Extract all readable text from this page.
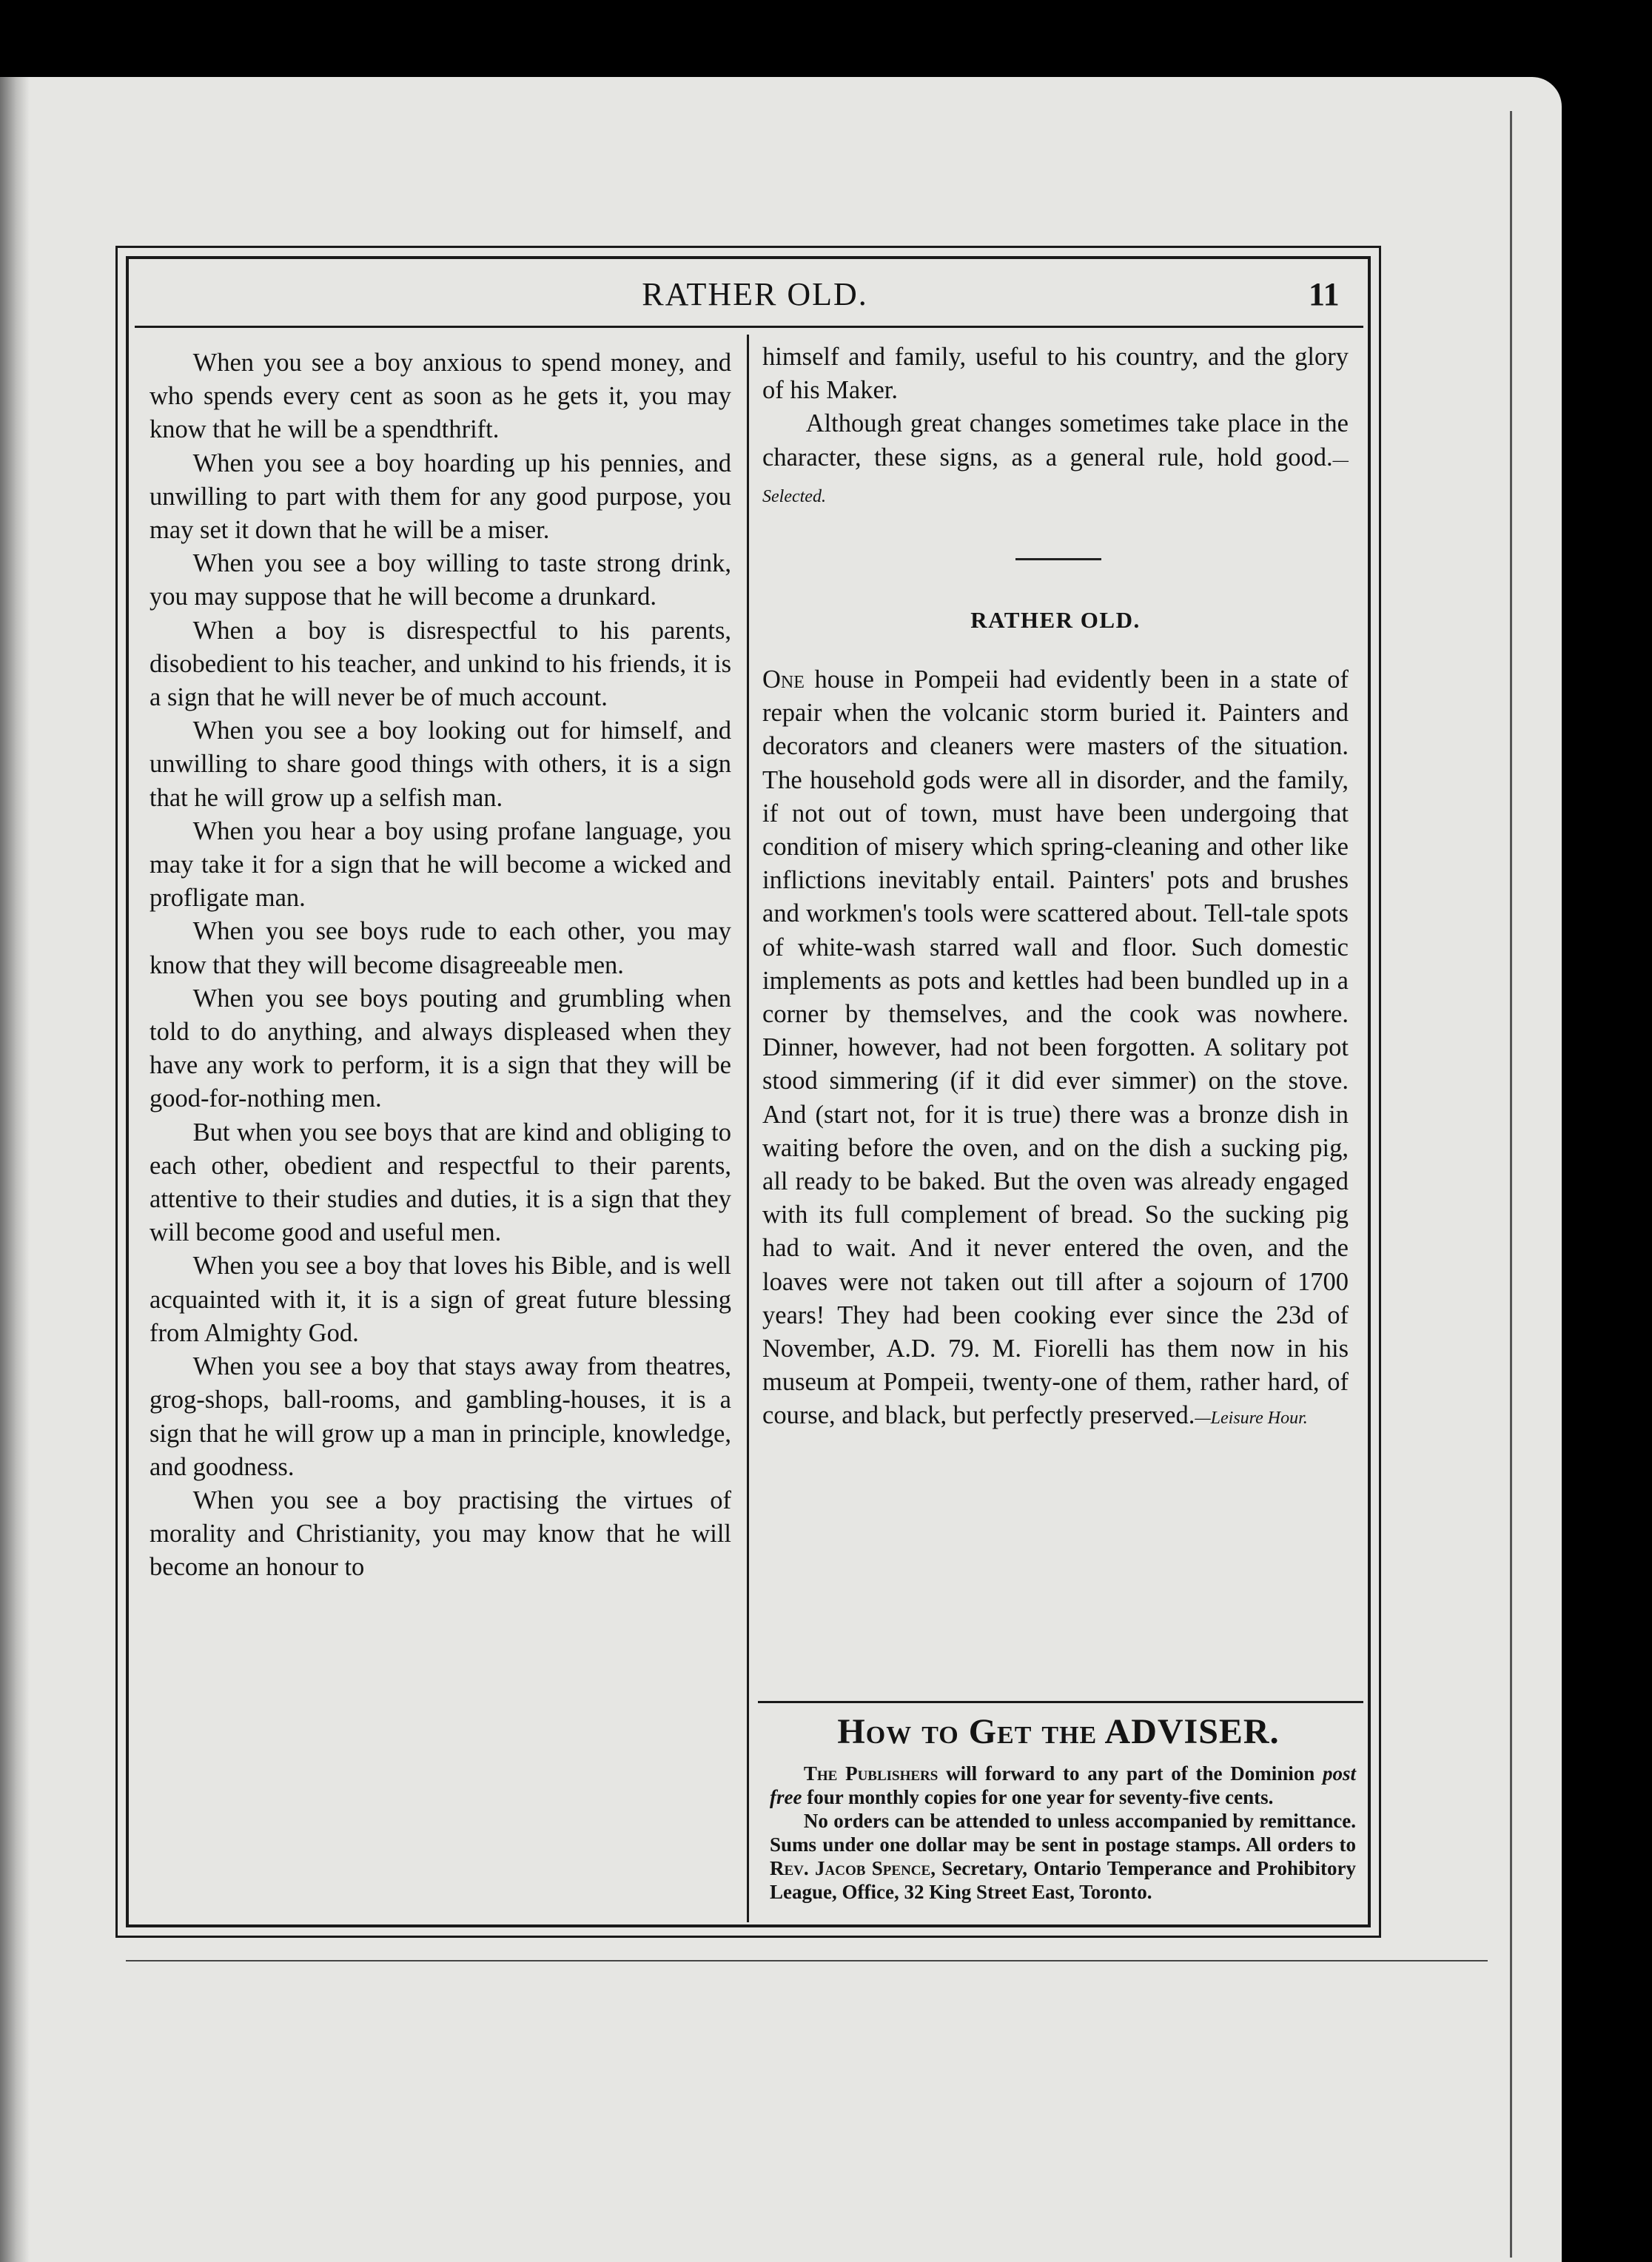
RATHER OLD.	11

When you see a boy anxious to spend money, and who spends every cent as soon as he gets it, you may know that he will be a spendthrift.

When you see a boy hoarding up his pennies, and unwilling to part with them for any good purpose, you may set it down that he will be a miser.

When you see a boy willing to taste strong drink, you may suppose that he will become a drunkard.

When a boy is disrespectful to his parents, disobedient to his teacher, and unkind to his friends, it is a sign that he will never be of much account.

When you see a boy looking out for himself, and unwilling to share good things with others, it is a sign that he will grow up a selfish man.

When you hear a boy using profane language, you may take it for a sign that he will become a wicked and profligate man.

When you see boys rude to each other, you may know that they will become disagreeable men.

When you see boys pouting and grumbling when told to do anything, and always displeased when they have any work to perform, it is a sign that they will be good-for-nothing men.

But when you see boys that are kind and obliging to each other, obedient and respectful to their parents, attentive to their studies and duties, it is a sign that they will become good and useful men.

When you see a boy that loves his Bible, and is well acquainted with it, it is a sign of great future blessing from Almighty God.

When you see a boy that stays away from theatres, grog-shops, ball-rooms, and gambling-houses, it is a sign that he will grow up a man in principle, knowledge, and goodness.

When you see a boy practising the virtues of morality and Christianity, you may know that he will become an honour to

himself and family, useful to his country, and the glory of his Maker.

Although great changes sometimes take place in the character, these signs, as a general rule, hold good.—Selected.

RATHER OLD.

One house in Pompeii had evidently been in a state of repair when the volcanic storm buried it. Painters and decorators and cleaners were masters of the situation. The household gods were all in disorder, and the family, if not out of town, must have been undergoing that condition of misery which spring-cleaning and other like inflictions inevitably entail. Painters' pots and brushes and workmen's tools were scattered about. Tell-tale spots of white-wash starred wall and floor. Such domestic implements as pots and kettles had been bundled up in a corner by themselves, and the cook was nowhere. Dinner, however, had not been forgotten. A solitary pot stood simmering (if it did ever simmer) on the stove. And (start not, for it is true) there was a bronze dish in waiting before the oven, and on the dish a sucking pig, all ready to be baked. But the oven was already engaged with its full complement of bread. So the sucking pig had to wait. And it never entered the oven, and the loaves were not taken out till after a sojourn of 1700 years! They had been cooking ever since the 23d of November, A.D. 79. M. Fiorelli has them now in his museum at Pompeii, twenty-one of them, rather hard, of course, and black, but perfectly preserved.—Leisure Hour.

How to Get the ADVISER.

The Publishers will forward to any part of the Dominion post free four monthly copies for one year for seventy-five cents.

No orders can be attended to unless accompanied by remittance. Sums under one dollar may be sent in postage stamps. All orders to Rev. Jacob Spence, Secretary, Ontario Temperance and Prohibitory League, Office, 32 King Street East, Toronto.
